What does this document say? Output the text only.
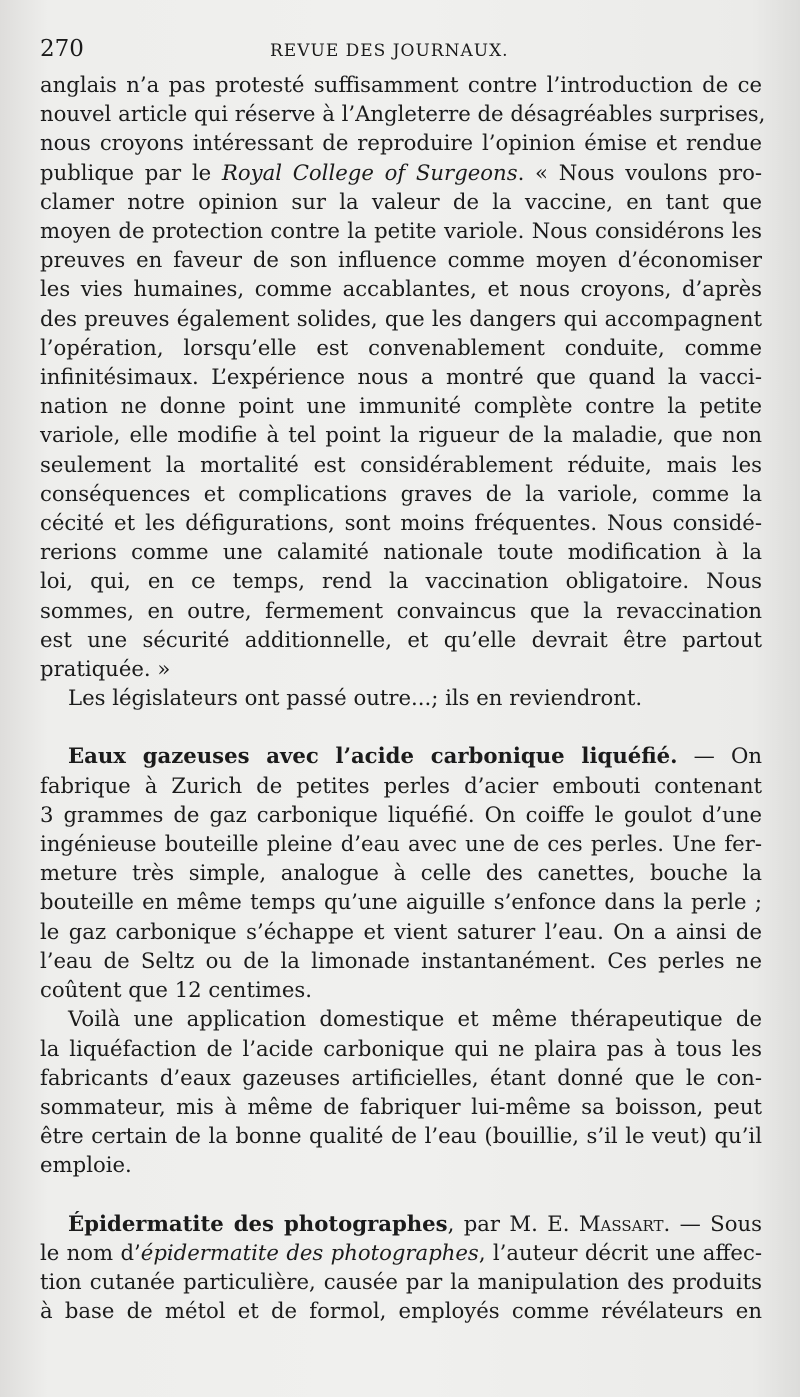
270	REVUE DES JOURNAUX.
anglais n’a pas protesté suffisamment contre l’introduction de ce
nouvel article qui réserve à l’Angleterre de désagréables surprises,
nous croyons intéressant de reproduire l’opinion émise et rendue
publique par le Royal College of Surgeons. « Nous voulons pro-
clamer notre opinion sur la valeur de la vaccine, en tant que
moyen de protection contre la petite variole. Nous considérons les
preuves en faveur de son influence comme moyen d’économiser
les vies humaines, comme accablantes, et nous croyons, d’après
des preuves également solides, que les dangers qui accompagnent
l’opération, lorsqu’elle est convenablement conduite, comme
infinitésimaux. L’expérience nous a montré que quand la vacci-
nation ne donne point une immunité complète contre la petite
variole, elle modifie à tel point la rigueur de la maladie, que non
seulement la mortalité est considérablement réduite, mais les
conséquences et complications graves de la variole, comme la
cécité et les défigurations, sont moins fréquentes. Nous considé-
rerions comme une calamité nationale toute modification à la
loi, qui, en ce temps, rend la vaccination obligatoire. Nous
sommes, en outre, fermement convaincus que la revaccination
est une sécurité additionnelle, et qu’elle devrait être partout
pratiquée. »
Les législateurs ont passé outre...; ils en reviendront.
Eaux gazeuses avec l’acide carbonique liquéfié. — On
fabrique à Zurich de petites perles d’acier embouti contenant
3 grammes de gaz carbonique liquéfié. On coiffe le goulot d’une
ingénieuse bouteille pleine d’eau avec une de ces perles. Une fer-
meture très simple, analogue à celle des canettes, bouche la
bouteille en même temps qu’une aiguille s’enfonce dans la perle ;
le gaz carbonique s’échappe et vient saturer l’eau. On a ainsi de
l’eau de Seltz ou de la limonade instantanément. Ces perles ne
coûtent que 12 centimes.
Voilà une application domestique et même thérapeutique de
la liquéfaction de l’acide carbonique qui ne plaira pas à tous les
fabricants d’eaux gazeuses artificielles, étant donné que le con-
sommateur, mis à même de fabriquer lui-même sa boisson, peut
être certain de la bonne qualité de l’eau (bouillie, s’il le veut) qu’il
emploie.
Épidermatite des photographes, par M. E. Massart. — Sous
le nom d’épidermatite des photographes, l’auteur décrit une affec-
tion cutanée particulière, causée par la manipulation des produits
à base de métol et de formol, employés comme révélateurs en
